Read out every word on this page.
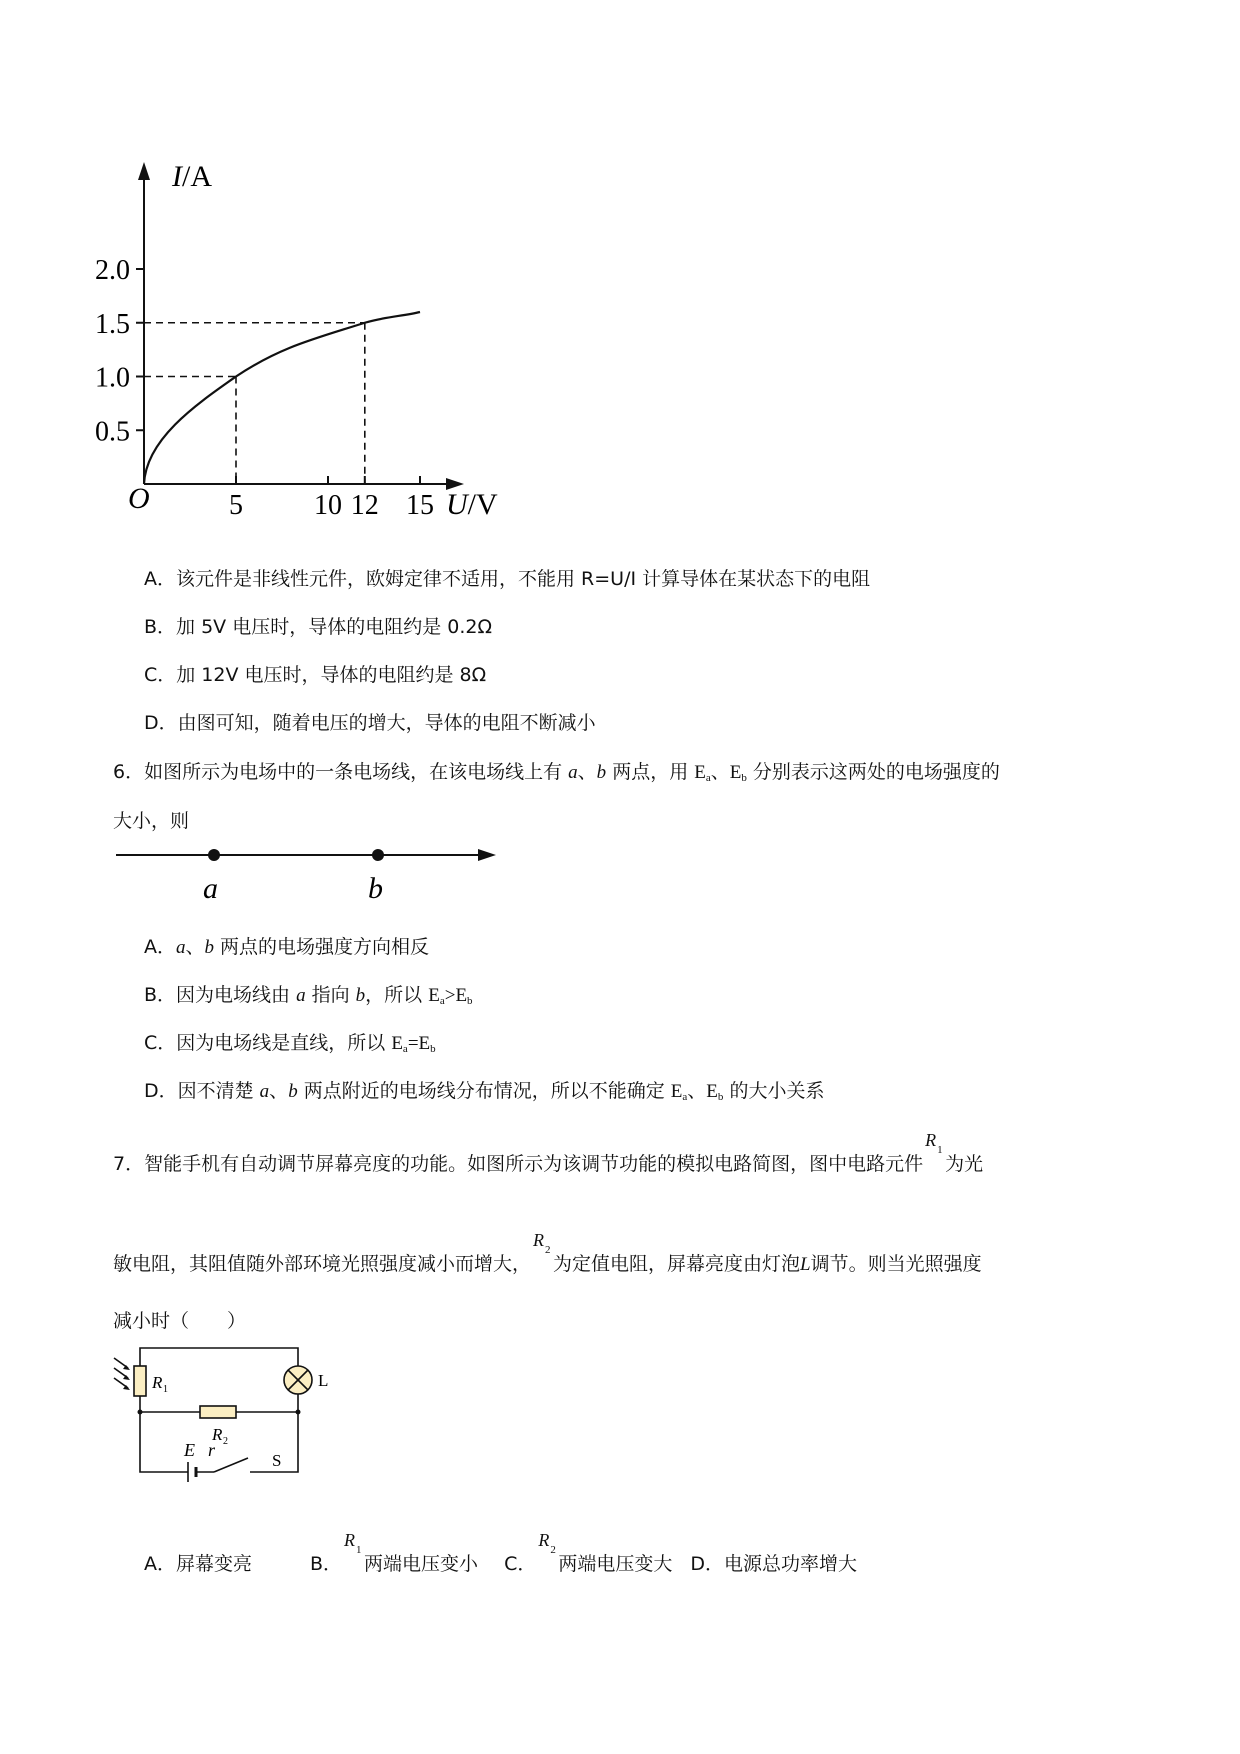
I/A
U/V
O
2.0
1.5
1.0
0.5
5	10 12 15
A．该元件是非线性元件，欧姆定律不适用，不能用 R=U/I 计算导体在某状态下的电阻
B．加 5V 电压时，导体的电阻约是 0.2Ω
C．加 12V 电压时，导体的电阻约是 8Ω
D．由图可知，随着电压的增大，导体的电阻不断减小
6．如图所示为电场中的一条电场线，在该电场线上有 a、b 两点，用 $E_a$、$E_b$ 分别表示这两处的电场强度的
大小，则
a	b
A．a、b 两点的电场强度方向相反
B．因为电场线由 a 指向 b，所以 $E_a>E_b$
C．因为电场线是直线，所以 $E_a=E_b$
D．因不清楚 a、b 两点附近的电场线分布情况，所以不能确定 $E_a$、$E_b$ 的大小关系
7．智能手机有自动调节屏幕亮度的功能。如图所示为该调节功能的模拟电路简图，图中电路元件
R 1
为光
敏电阻，其阻值随外部环境光照强度减小而增大，
R 2
为定值电阻，屏幕亮度由灯泡L调节。则当光照强度
减小时（　　）
R 1
R 2
L
E r
S
A．屏幕变亮	B．
R 1
两端电压变小 C．
R 2
两端电压变大 D．电源总功率增大
